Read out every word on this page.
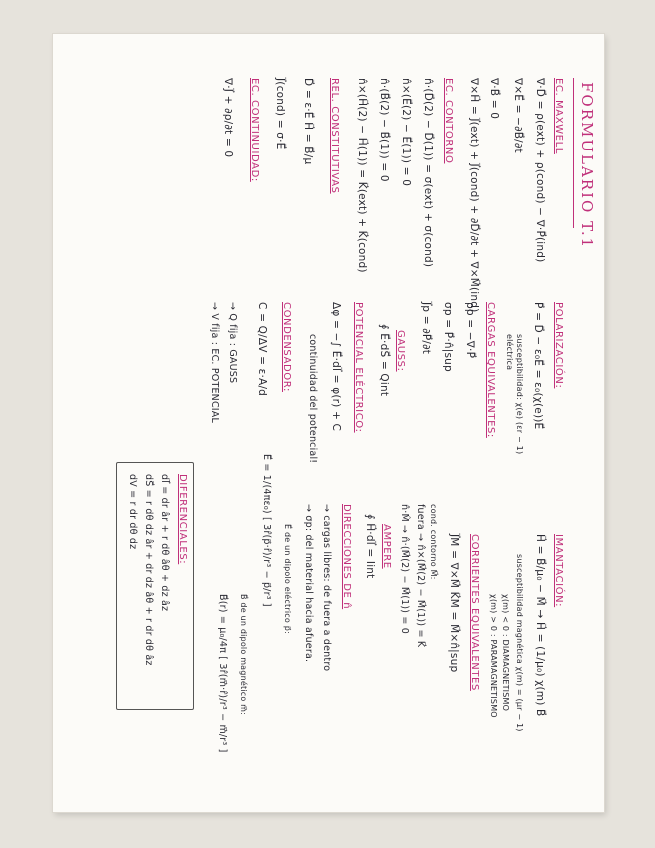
FORMULARIO T.1
EC. MAXWELL
∇·D⃗ = ρ(ext) + ρ(cond) − ∇·P⃗(ind)
∇×E⃗ = −∂B⃗/∂t
∇·B⃗ = 0
∇×H⃗ = J⃗(ext) + J⃗(cond) + ∂D⃗/∂t + ∇×M⃗(ind)
EC. CONTORNO
n̂·(D⃗(2) − D⃗(1)) = σ(ext) + σ(cond)
n̂×(E⃗(2) − E⃗(1)) = 0
n̂·(B⃗(2) − B⃗(1)) = 0
n̂×(H⃗(2) − H⃗(1)) = K⃗(ext) + K⃗(cond)
REL. CONSTITUTIVAS
D⃗ = ε·E⃗ H⃗ = B⃗/μ
J⃗(cond) = σ·E⃗
EC. CONTINUIDAD:
∇·J⃗ + ∂ρ/∂t = 0
POLARIZACIÓN:
P⃗ = D⃗ − ε₀E⃗ = ε₀(χ(e))E⃗
susceptibilidad: χ(e) (εr − 1)
eléctrica
CARGAS EQUIVALENTES:
ρp = −∇·P⃗
σp = P⃗·n̂|sup
J⃗p = ∂P⃗/∂t
GAUSS:
∮ E⃗·dS⃗ = Qint
POTENCIAL ELÉCTRICO:
Δφ = −∫ E⃗·dl⃗ = φ(r) + C
continuidad del potencial!
CONDENSADOR:
C = Q/ΔV = ε·A/d
→ Q fija : GAUSS
→ V fija : EC. POTENCIAL
IMANTACIÓN:
H⃗ = B⃗/μ₀ − M⃗ → H⃗ = (1/μ₀) χ(m) B⃗
susceptibilidad magnética χ(m) = (μr − 1)
χ(m) < 0 : DIAMAGNETISMO
χ(m) > 0 : PARAMAGNETISMO
CORRIENTES EQUIVALENTES
J⃗M = ∇×M⃗ K⃗M = M⃗×n̂|sup
cond. contorno M⃗:
fuera → n̂×(M⃗(2) − M⃗(1)) = K⃗
n̂·M̂ → n̂·(M⃗(2) − M⃗(1)) = 0
AMPERE
∮ H⃗·dl⃗ = Iint
DIRECCIONES DE n̂
→ cargas libres: de fuera a dentro
→ σp: del material hacia afuera.
E⃗ de un dipolo eléctrico p⃗:
E⃗ = 1/(4πε₀) [ 3r̂(p⃗·r̂)/r³ − p⃗/r³ ]
B⃗ de un dipolo magnético m⃗:
B⃗(r) = μ₀/4π [ 3r̂(m⃗·r̂)/r³ − m⃗/r³ ]
DIFERENCIALES:
dl⃗ = dr âr + r dθ âθ + dz âz
dS⃗ = r dθ dz âr + dr dz âθ + r dr dθ âz
dV = r dr dθ dz
